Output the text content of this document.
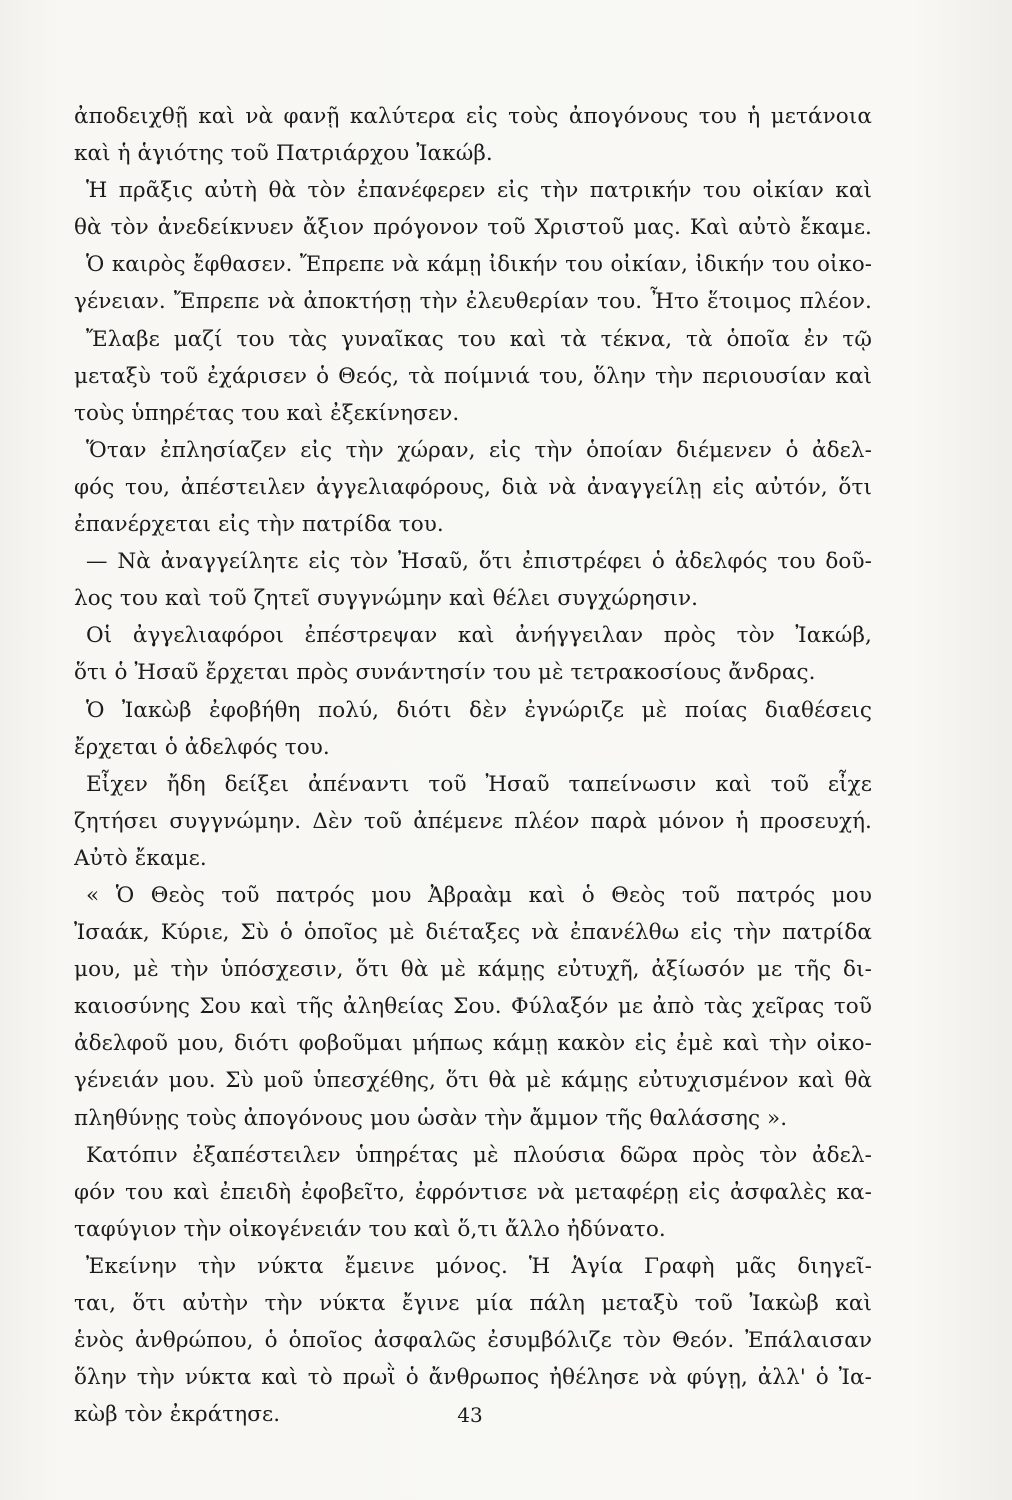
ἀποδειχθῇ καὶ νὰ φανῇ καλύτερα εἰς τοὺς ἀπογόνους του ἡ μετάνοια
καὶ ἡ ἁγιότης τοῦ Πατριάρχου Ἰακώβ.
Ἡ πρᾶξις αὐτὴ θὰ τὸν ἐπανέφερεν εἰς τὴν πατρικήν του οἰκίαν καὶ
θὰ τὸν ἀνεδείκνυεν ἄξιον πρόγονον τοῦ Χριστοῦ μας. Καὶ αὐτὸ ἔκαμε.
Ὁ καιρὸς ἔφθασεν. Ἔπρεπε νὰ κάμῃ ἰδικήν του οἰκίαν, ἰδικήν του οἰκο-
γένειαν. Ἔπρεπε νὰ ἀποκτήσῃ τὴν ἐλευθερίαν του. Ἦτο ἕτοιμος πλέον.
Ἔλαβε μαζί του τὰς γυναῖκας του καὶ τὰ τέκνα, τὰ ὁποῖα ἐν τῷ
μεταξὺ τοῦ ἐχάρισεν ὁ Θεός, τὰ ποίμνιά του, ὅλην τὴν περιουσίαν καὶ
τοὺς ὑπηρέτας του καὶ ἐξεκίνησεν.
Ὅταν ἐπλησίαζεν εἰς τὴν χώραν, εἰς τὴν ὁποίαν διέμενεν ὁ ἀδελ-
φός του, ἀπέστειλεν ἀγγελιαφόρους, διὰ νὰ ἀναγγείλῃ εἰς αὐτόν, ὅτι
ἐπανέρχεται εἰς τὴν πατρίδα του.
— Νὰ ἀναγγείλητε εἰς τὸν Ἠσαῦ, ὅτι ἐπιστρέφει ὁ ἀδελφός του δοῦ-
λος του καὶ τοῦ ζητεῖ συγγνώμην καὶ θέλει συγχώρησιν.
Οἱ ἀγγελιαφόροι ἐπέστρεψαν καὶ ἀνήγγειλαν πρὸς τὸν Ἰακώβ,
ὅτι ὁ Ἠσαῦ ἔρχεται πρὸς συνάντησίν του μὲ τετρακοσίους ἄνδρας.
Ὁ Ἰακὼβ ἐφοβήθη πολύ, διότι δὲν ἐγνώριζε μὲ ποίας διαθέσεις
ἔρχεται ὁ ἀδελφός του.
Εἶχεν ἤδη δείξει ἀπέναντι τοῦ Ἠσαῦ ταπείνωσιν καὶ τοῦ εἶχε
ζητήσει συγγνώμην. Δὲν τοῦ ἀπέμενε πλέον παρὰ μόνον ἡ προσευχή.
Αὐτὸ ἔκαμε.
« Ὁ Θεὸς τοῦ πατρός μου Ἀβραὰμ καὶ ὁ Θεὸς τοῦ πατρός μου
Ἰσαάκ, Κύριε, Σὺ ὁ ὁποῖος μὲ διέταξες νὰ ἐπανέλθω εἰς τὴν πατρίδα
μου, μὲ τὴν ὑπόσχεσιν, ὅτι θὰ μὲ κάμῃς εὐτυχῆ, ἀξίωσόν με τῆς δι-
καιοσύνης Σου καὶ τῆς ἀληθείας Σου. Φύλαξόν με ἀπὸ τὰς χεῖρας τοῦ
ἀδελφοῦ μου, διότι φοβοῦμαι μήπως κάμῃ κακὸν εἰς ἐμὲ καὶ τὴν οἰκο-
γένειάν μου. Σὺ μοῦ ὑπεσχέθης, ὅτι θὰ μὲ κάμῃς εὐτυχισμένον καὶ θὰ
πληθύνῃς τοὺς ἀπογόνους μου ὡσὰν τὴν ἄμμον τῆς θαλάσσης ».
Κατόπιν ἐξαπέστειλεν ὑπηρέτας μὲ πλούσια δῶρα πρὸς τὸν ἀδελ-
φόν του καὶ ἐπειδὴ ἐφοβεῖτο, ἐφρόντισε νὰ μεταφέρῃ εἰς ἀσφαλὲς κα-
ταφύγιον τὴν οἰκογένειάν του καὶ ὅ,τι ἄλλο ἠδύνατο.
Ἐκείνην τὴν νύκτα ἔμεινε μόνος. Ἡ Ἁγία Γραφὴ μᾶς διηγεῖ-
ται, ὅτι αὐτὴν τὴν νύκτα ἔγινε μία πάλη μεταξὺ τοῦ Ἰακὼβ καὶ
ἑνὸς ἀνθρώπου, ὁ ὁποῖος ἀσφαλῶς ἐσυμβόλιζε τὸν Θεόν. Ἐπάλαισαν
ὅλην τὴν νύκτα καὶ τὸ πρωῒ ὁ ἄνθρωπος ἠθέλησε νὰ φύγῃ, ἀλλ' ὁ Ἰα-
κὼβ τὸν ἐκράτησε.	43
